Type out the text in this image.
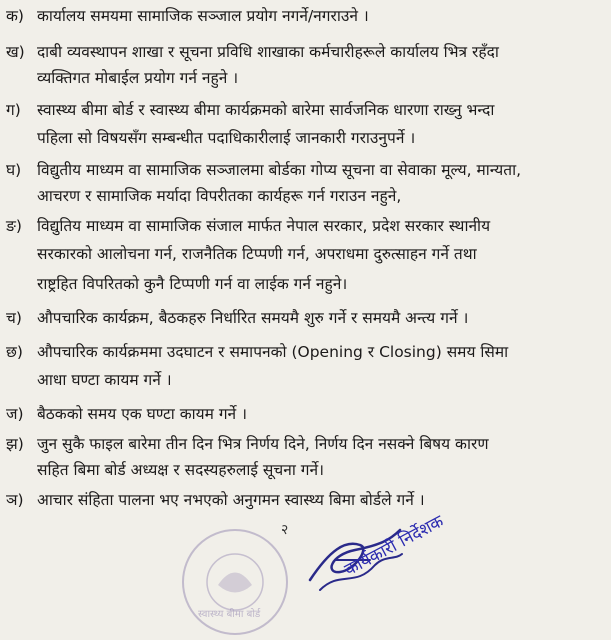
क) कार्यालय समयमा सामाजिक सञ्जाल प्रयोग नगर्ने/नगराउने ।
ख) दाबी व्यवस्थापन शाखा र सूचना प्रविधि शाखाका कर्मचारीहरूले कार्यालय भित्र रहँदा
व्यक्तिगत मोबाईल प्रयोग गर्न नहुने ।
ग) स्वास्थ्य बीमा बोर्ड र स्वास्थ्य बीमा कार्यक्रमको बारेमा सार्वजनिक धारणा राख्नु भन्दा
पहिला सो विषयसँग सम्बन्धीत पदाधिकारीलाई जानकारी गराउनुपर्ने ।
घ) विद्युतीय माध्यम वा सामाजिक सञ्जालमा बोर्डका गोप्य सूचना वा सेवाका मूल्य, मान्यता,
आचरण र सामाजिक मर्यादा विपरीतका कार्यहरू गर्न गराउन नहुने,
ङ) विद्युतिय माध्यम वा सामाजिक संजाल मार्फत नेपाल सरकार, प्रदेश सरकार स्थानीय
सरकारको आलोचना गर्न, राजनैतिक टिप्पणी गर्न, अपराधमा दुरुत्साहन गर्ने तथा
राष्ट्रहित विपरितको कुनै टिप्पणी गर्न वा लाईक गर्न नहुने।
च) औपचारिक कार्यक्रम, बैठकहरु निर्धारित समयमै शुरु गर्ने र समयमै अन्त्य गर्ने ।
छ) औपचारिक कार्यक्रममा उदघाटन र समापनको (Opening र Closing) समय सिमा
आधा घण्टा कायम गर्ने ।
ज) बैठकको समय एक घण्टा कायम गर्ने ।
झ) जुन सुकै फाइल बारेमा तीन दिन भित्र निर्णय दिने, निर्णय दिन नसक्ने बिषय कारण
सहित बिमा बोर्ड अध्यक्ष र सदस्यहरुलाई सूचना गर्ने।
ञ) आचार संहिता पालना भए नभएको अनुगमन स्वास्थ्य बिमा बोर्डले गर्ने ।
स्वास्थ्य बीमा बोर्ड
२	कार्यकारी निर्देशक
